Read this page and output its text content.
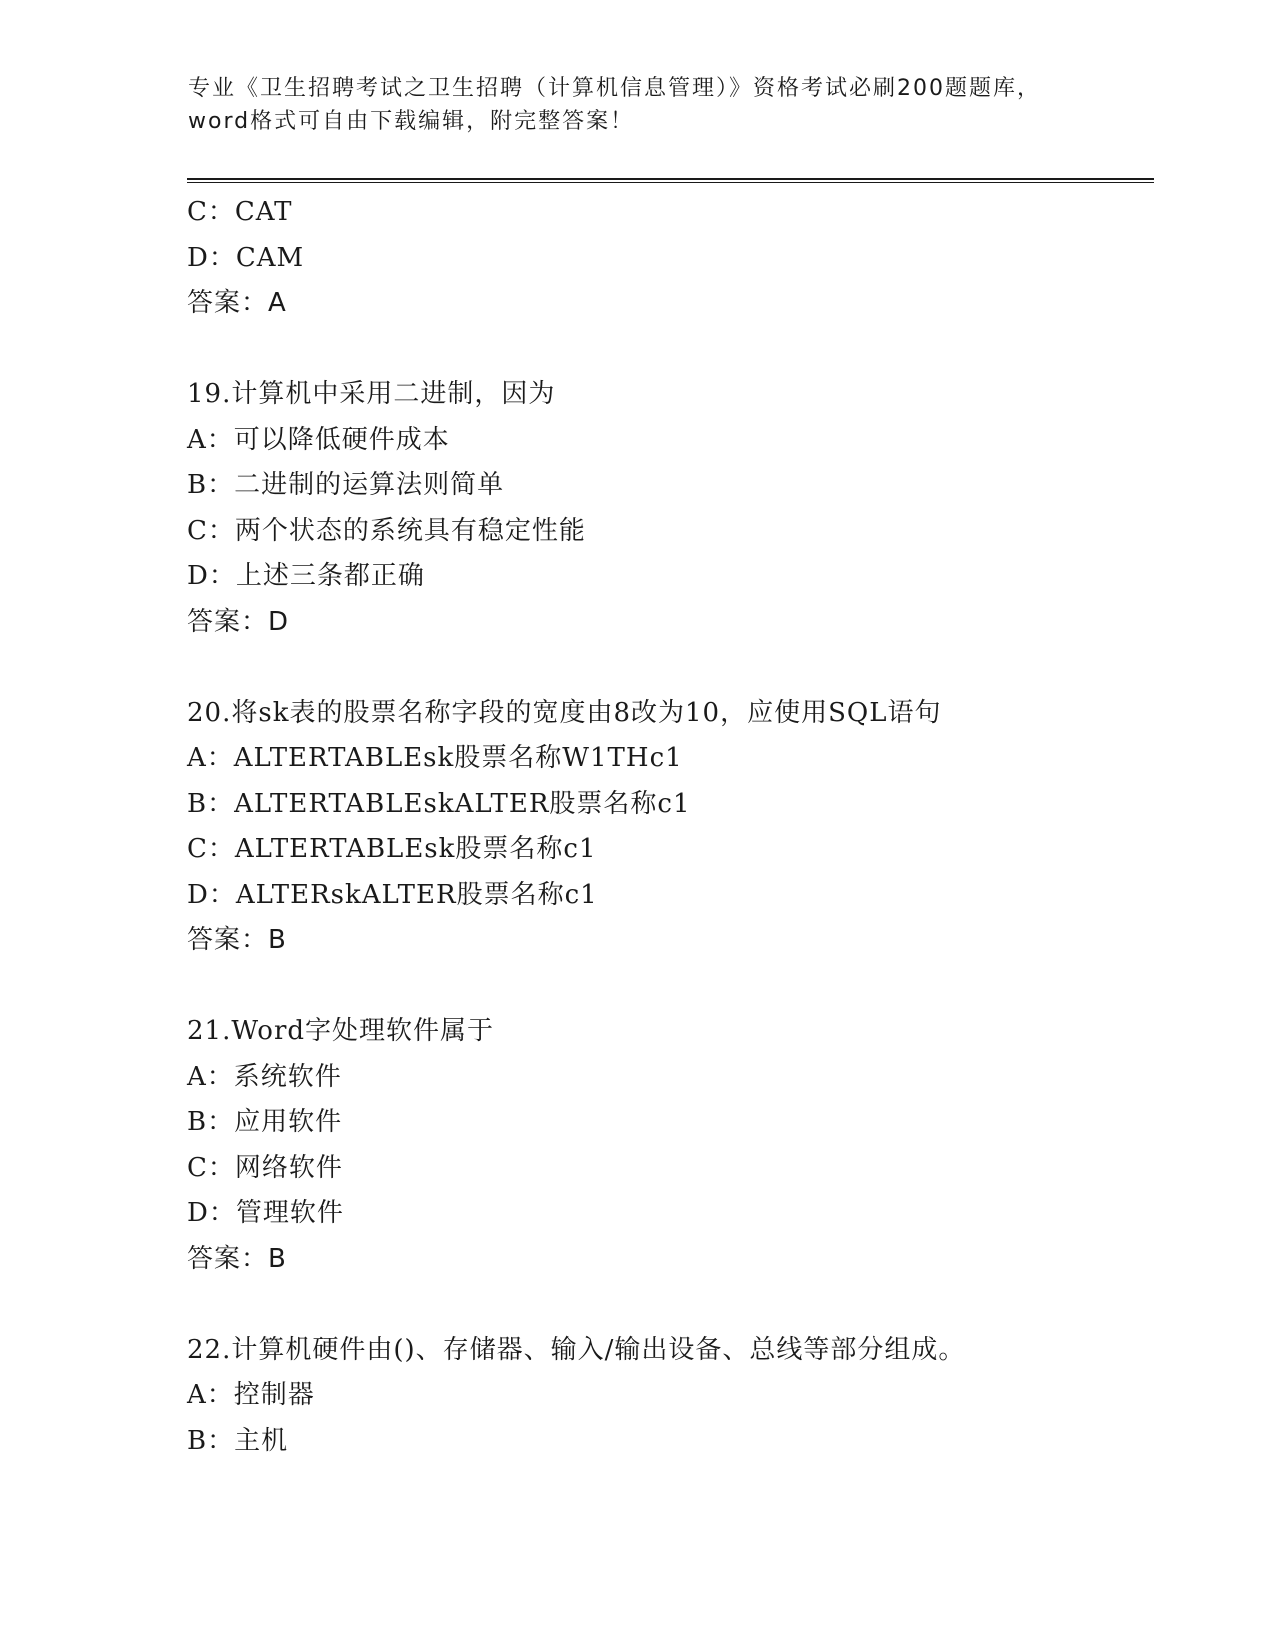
专业《卫生招聘考试之卫生招聘（计算机信息管理）》资格考试必刷200题题库，
word格式可自由下载编辑，附完整答案！
C：CAT
D：CAM
答案：A
19.计算机中采用二进制，因为
A：可以降低硬件成本
B：二进制的运算法则简单
C：两个状态的系统具有稳定性能
D：上述三条都正确
答案：D
20.将sk表的股票名称字段的宽度由8改为10，应使用SQL语句
A：ALTERTABLEsk股票名称W1THc1
B：ALTERTABLEskALTER股票名称c1
C：ALTERTABLEsk股票名称c1
D：ALTERskALTER股票名称c1
答案：B
21.Word字处理软件属于
A：系统软件
B：应用软件
C：网络软件
D：管理软件
答案：B
22.计算机硬件由()、存储器、输入/输出设备、总线等部分组成。
A：控制器
B：主机
